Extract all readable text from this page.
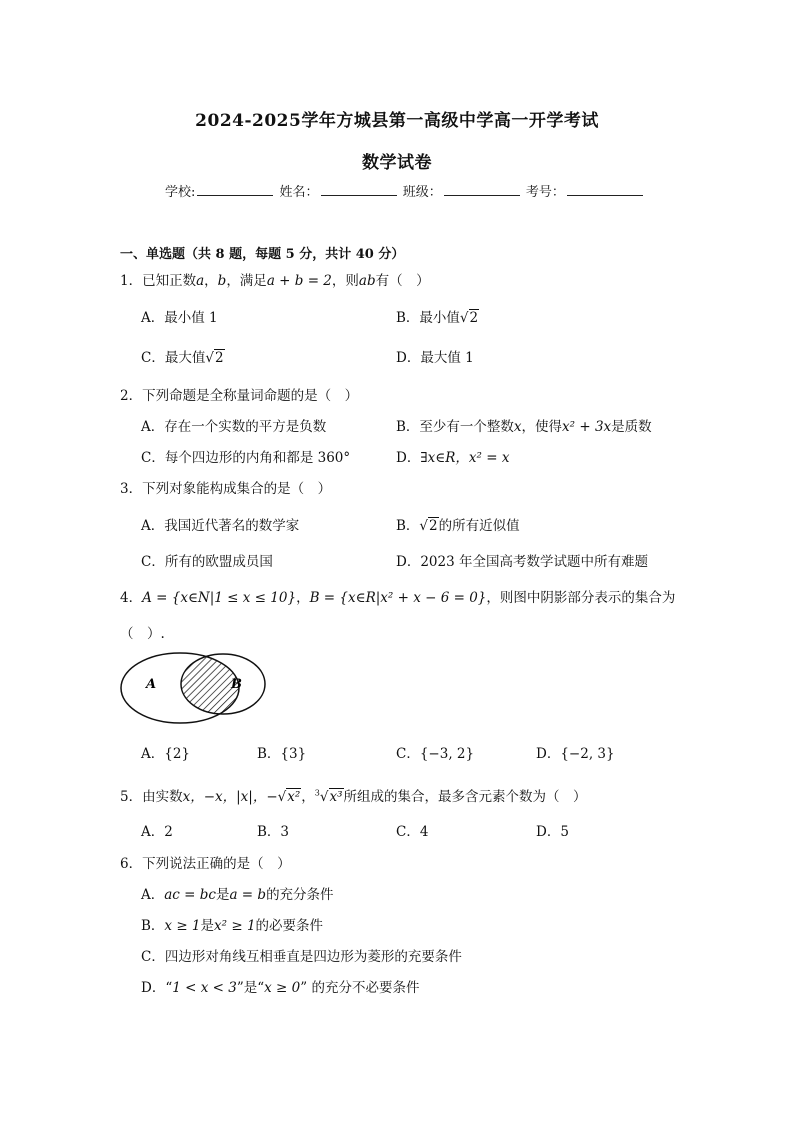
2024-2025学年方城县第一高级中学高一开学考试
数学试卷
学校:	姓名：	班级：	考号：
一、单选题（共 8 题，每题 5 分，共计 40 分）
1．已知正数a，b，满足a + b = 2，则ab有（　）
A．最小值 1	B．最小值√2
C．最大值√2	D．最大值 1
2．下列命题是全称量词命题的是（　）
A．存在一个实数的平方是负数	B．至少有一个整数x，使得x² + 3x是质数
C．每个四边形的内角和都是 360°	D．∃x∈R，x² = x
3．下列对象能构成集合的是（　）
A．我国近代著名的数学家	B．√2的所有近似值
C．所有的欧盟成员国	D．2023 年全国高考数学试题中所有难题
4．A = {x∈N|1 ≤ x ≤ 10}，B = {x∈R|x² + x − 6 = 0}，则图中阴影部分表示的集合为
（　）.
A	B
A．{2}	B．{3}	C．{−3, 2}	D．{−2, 3}
5．由实数x，−x，|x|，−√x²，$^3$√x³所组成的集合，最多含元素个数为（　）
A．2	B．3	C．4	D．5
6．下列说法正确的是（　）
A．ac = bc是a = b的充分条件
B．x ≥ 1是x² ≥ 1的必要条件
C．四边形对角线互相垂直是四边形为菱形的充要条件
D．“1 < x < 3”是“x ≥ 0” 的充分不必要条件
